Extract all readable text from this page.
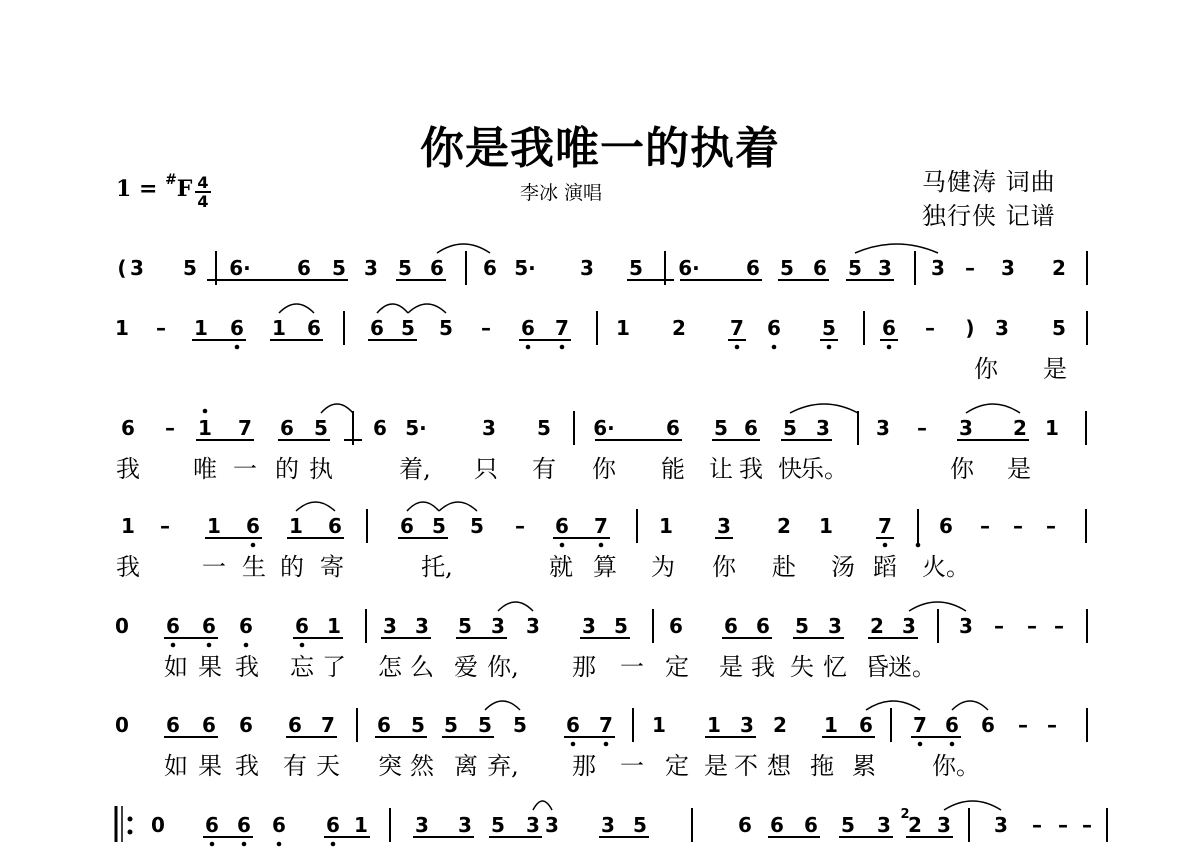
你是我唯一的执着
李冰 演唱	马健涛 词曲
独行侠 记谱
1 = #F 4
4
( 3 5 6· 6 5 3 5 6 6 5· 3 5 6· 6 5 6 5 3 3 – 3 2
1 – 1 6 1 6 6 5 5 – 6 7 1 2 7 6 5 6 – ) 3 5
你 是
6 – 1 7 6 5 6 5·	3 5 6·	6 5 6 5 3 3 – 3 2 1
我 唯 一 的 执	着, 只 有 你 能 让 我 快
乐。	你 是
1 – 1 6 1 6	6 5 5 – 6 7	1 3 2 1 7 6 – – –
我	一 生 的 寄	托,	就 算 为 你 赴 汤 蹈 火。
0 6 6 6 6 1 3 3 5 3 3 3 5 6 6 6 5 3 2 3 3 – – –
如 果 我 忘 了 怎 么 爱 你, 那 一 定 是 我 失 忆 昏 迷。
0 6 6 6 6 7 6 5 5 5 5 6 7 1 1 3 2 1 6 7 6 6 – –
如 果 我 有 天 突 然 离 弃, 那 一 定 是 不 想 拖 累 你。
0 6 6 6 6 1 3 3 5 3 3 3 5	6 6 6 5 3 2 3 3 – – –
2
